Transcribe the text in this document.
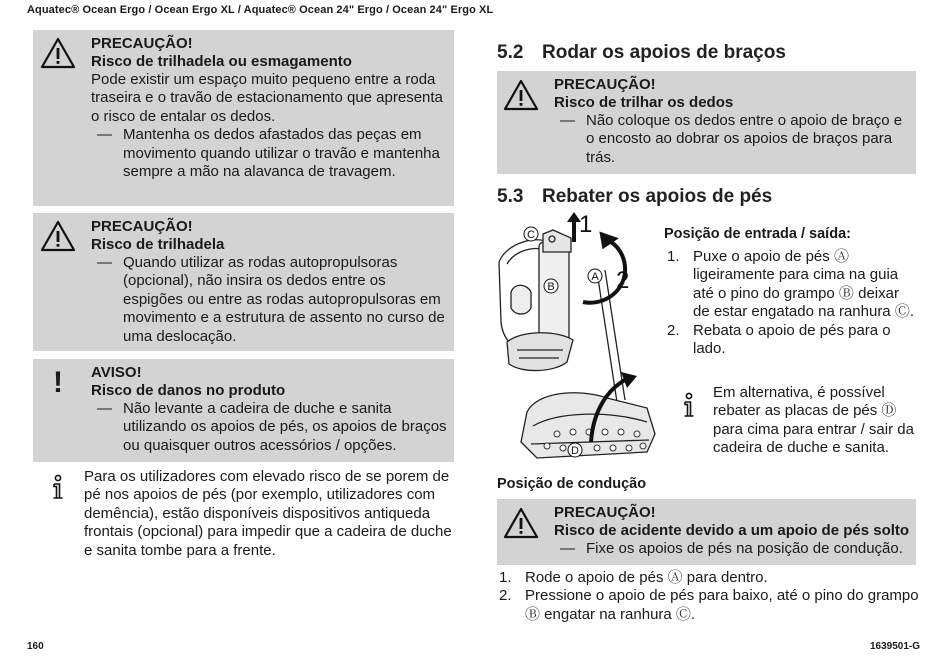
Aquatec® Ocean Ergo / Ocean Ergo XL / Aquatec® Ocean 24" Ergo / Ocean 24" Ergo XL
160	1639501-G
PRECAUÇÃO!
Risco de trilhadela ou esmagamento
Pode existir um espaço muito pequeno entre a roda traseira e o travão de estacionamento que apresenta o risco de entalar os dedos.
— Mantenha os dedos afastados das peças em movimento quando utilizar o travão e mantenha sempre a mão na alavanca de travagem.
PRECAUÇÃO!
Risco de trilhadela
— Quando utilizar as rodas autopropulsoras (opcional), não insira os dedos entre os espigões ou entre as rodas autopropulsoras em movimento e a estrutura de assento no curso de uma deslocação.
! AVISO!
Risco de danos no produto
— Não levante a cadeira de duche e sanita utilizando os apoios de pés, os apoios de braços ou quaisquer outros acessórios / opções.
Para os utilizadores com elevado risco de se porem de pé nos apoios de pés (por exemplo, utilizadores com demência), estão disponíveis dispositivos antiqueda frontais (opcional) para impedir que a cadeira de duche e sanita tombe para a frente.
5.2 Rodar os apoios de braços
PRECAUÇÃO!
Risco de trilhar os dedos
— Não coloque os dedos entre o apoio de braço e o encosto ao dobrar os apoios de braços para trás.
5.3 Rebater os apoios de pés
C
B
A
D
1
2
Posição de entrada / saída:
1. Puxe o apoio de pés Ⓐ ligeiramente para cima na guia até o pino do grampo Ⓑ deixar de estar engatado na ranhura Ⓒ.
2. Rebata o apoio de pés para o lado.
Em alternativa, é possível rebater as placas de pés Ⓓ para cima para entrar / sair da cadeira de duche e sanita.
Posição de condução
PRECAUÇÃO!
Risco de acidente devido a um apoio de pés solto
— Fixe os apoios de pés na posição de condução.
1. Rode o apoio de pés Ⓐ para dentro.
2. Pressione o apoio de pés para baixo, até o pino do grampo Ⓑ engatar na ranhura Ⓒ.
